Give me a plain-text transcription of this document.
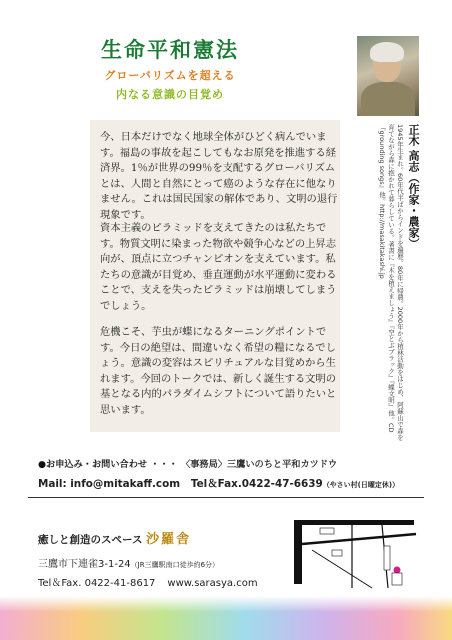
生命平和憲法
グローバリズムを超える
内なる意識の目覚め
正木 高志（作家・農家）
1945年生まれ。60年代半ばからインドを遍歴。80年に帰農。2000年から植林活動をはじめ、阿蘇山で森を育てながら森に抱かれて暮らしている。著書に『木を植えましょう』『空とぶブラック』『蝶文明』他。CD『grounding songs』他。http://masakitakashi.jp
今、日本だけでなく地球全体がひどく病んでいます。福島の事故を起こしてもなお原発を推進する経済界。1％が世界の99％を支配するグローバリズムとは、人間と自然にとって癌のような存在に他なりません。これは国民国家の解体であり、文明の退行現象です。
資本主義のピラミッドを支えてきたのは私たちです。物質文明に染まった物欲や競争心などの上昇志向が、頂点に立つチャンピオンを支えています。私たちの意識が目覚め、垂直運動が水平運動に変わることで、支えを失ったピラミッドは崩壊してしまうでしょう。
危機こそ、芋虫が蝶になるターニングポイントです。今日の絶望は、間違いなく希望の糧になるでしょう。意識の変容はスピリチュアルな目覚めから生れます。今回のトークでは、新しく誕生する文明の基となる内的パラダイムシフトについて語りたいと思います。
●お申込み・お問い合わせ ・・・ 〈事務局〉三鷹いのちと平和カツドウ
Mail: info@mitakaff.com Tel＆Fax.0422-47-6639（やさい村(日曜定休)）
癒しと創造のスペース 沙羅舎
三鷹市下連雀3-1-24（JR三鷹駅南口徒歩約6分）
Tel＆Fax. 0422-41-8617 www.sarasya.com
